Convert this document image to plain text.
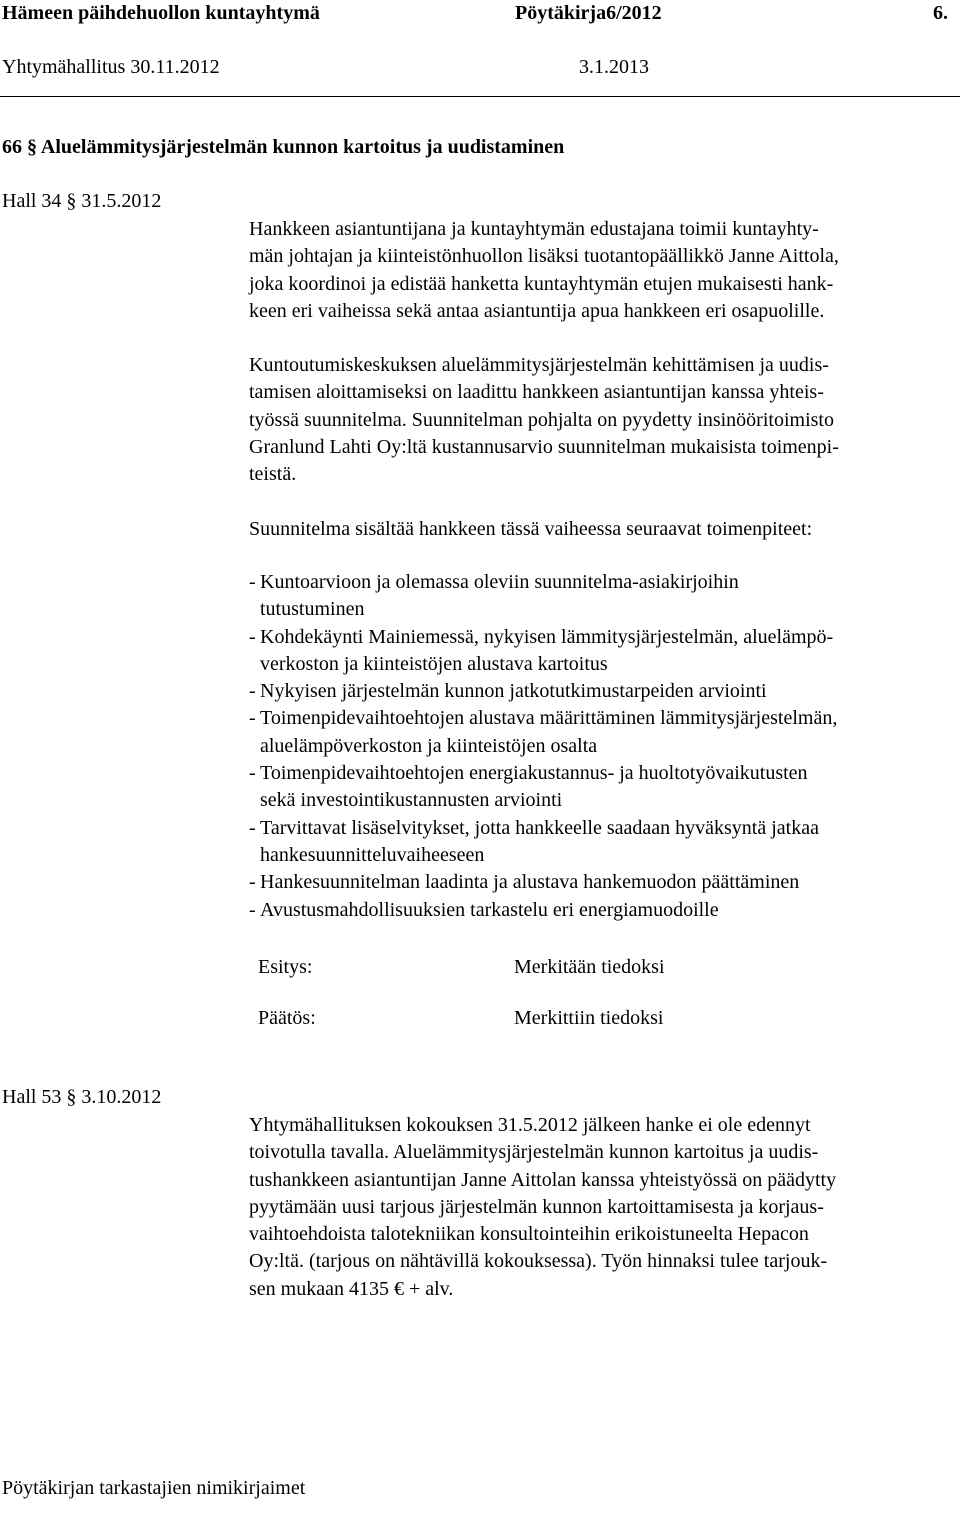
Hämeen päihdehuollon kuntayhtymä	Pöytäkirja6/2012	6.
Yhtymähallitus 30.11.2012	3.1.2013
66 § Aluelämmitysjärjestelmän kunnon kartoitus ja uudistaminen
Hall 34 § 31.5.2012
Hankkeen asiantuntijana ja kuntayhtymän edustajana toimii kuntayhty-
män johtajan ja kiinteistönhuollon lisäksi tuotantopäällikkö Janne Aittola,
joka koordinoi ja edistää hanketta kuntayhtymän etujen mukaisesti hank-
keen eri vaiheissa sekä antaa asiantuntija apua hankkeen eri osapuolille.
Kuntoutumiskeskuksen aluelämmitysjärjestelmän kehittämisen ja uudis-
tamisen aloittamiseksi on laadittu hankkeen asiantuntijan kanssa yhteis-
työssä suunnitelma. Suunnitelman pohjalta on pyydetty insinööritoimisto
Granlund Lahti Oy:ltä kustannusarvio suunnitelman mukaisista toimenpi-
teistä.
Suunnitelma sisältää hankkeen tässä vaiheessa seuraavat toimenpiteet:
- Kuntoarvioon ja olemassa oleviin suunnitelma-asiakirjoihin
tutustuminen
- Kohdekäynti Mainiemessä, nykyisen lämmitysjärjestelmän, aluelämpö-
verkoston ja kiinteistöjen alustava kartoitus
- Nykyisen järjestelmän kunnon jatkotutkimustarpeiden arviointi
- Toimenpidevaihtoehtojen alustava määrittäminen lämmitysjärjestelmän,
aluelämpöverkoston ja kiinteistöjen osalta
- Toimenpidevaihtoehtojen energiakustannus- ja huoltotyövaikutusten
sekä investointikustannusten arviointi
- Tarvittavat lisäselvitykset, jotta hankkeelle saadaan hyväksyntä jatkaa
hankesuunnitteluvaiheeseen
- Hankesuunnitelman laadinta ja alustava hankemuodon päättäminen
- Avustusmahdollisuuksien tarkastelu eri energiamuodoille
Esitys:	Merkitään tiedoksi
Päätös:	Merkittiin tiedoksi
Hall 53 § 3.10.2012
Yhtymähallituksen kokouksen 31.5.2012 jälkeen hanke ei ole edennyt
toivotulla tavalla. Aluelämmitysjärjestelmän kunnon kartoitus ja uudis-
tushankkeen asiantuntijan Janne Aittolan kanssa yhteistyössä on päädytty
pyytämään uusi tarjous järjestelmän kunnon kartoittamisesta ja korjaus-
vaihtoehdoista talotekniikan konsultointeihin erikoistuneelta Hepacon
Oy:ltä. (tarjous on nähtävillä kokouksessa). Työn hinnaksi tulee tarjouk-
sen mukaan 4135 € + alv.
Pöytäkirjan tarkastajien nimikirjaimet
